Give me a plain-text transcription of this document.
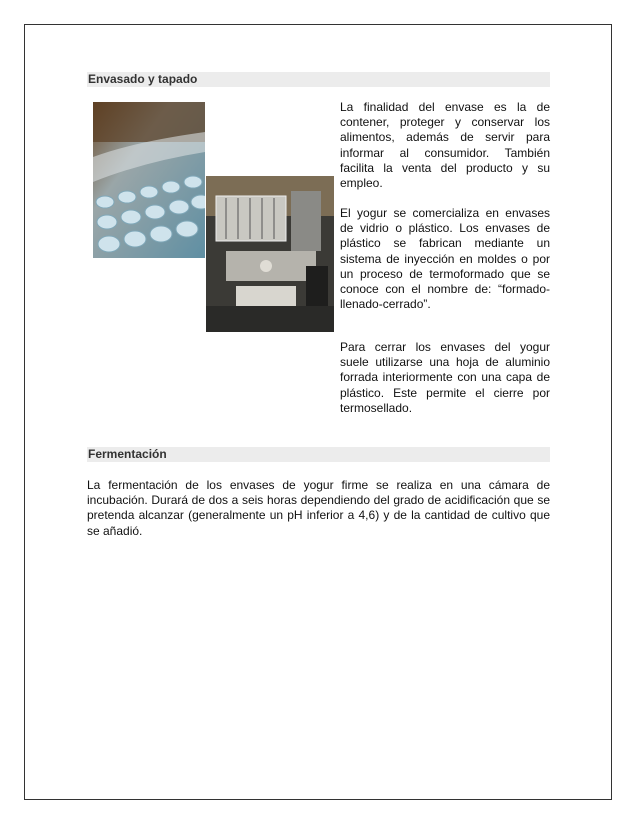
Envasado y tapado

La finalidad del envase es la de contener, proteger y conservar los alimentos, además de servir para informar al consumidor. También facilita la venta del producto y su empleo.

El yogur se comercializa en envases de vidrio o plástico. Los envases de plástico se fabrican mediante un sistema de inyección en moldes o por un proceso de termoformado que se conoce con el nombre de: “formado-llenado-cerrado”.

Para cerrar los envases del yogur suele utilizarse una hoja de aluminio forrada interiormente con una capa de plástico. Este permite el cierre por termosellado.

Fermentación

La fermentación de los envases de yogur firme se realiza en una cámara de incubación. Durará de dos a seis horas dependiendo del grado de acidificación que se pretenda alcanzar (generalmente un pH inferior a 4,6) y de la cantidad de cultivo que se añadió.
